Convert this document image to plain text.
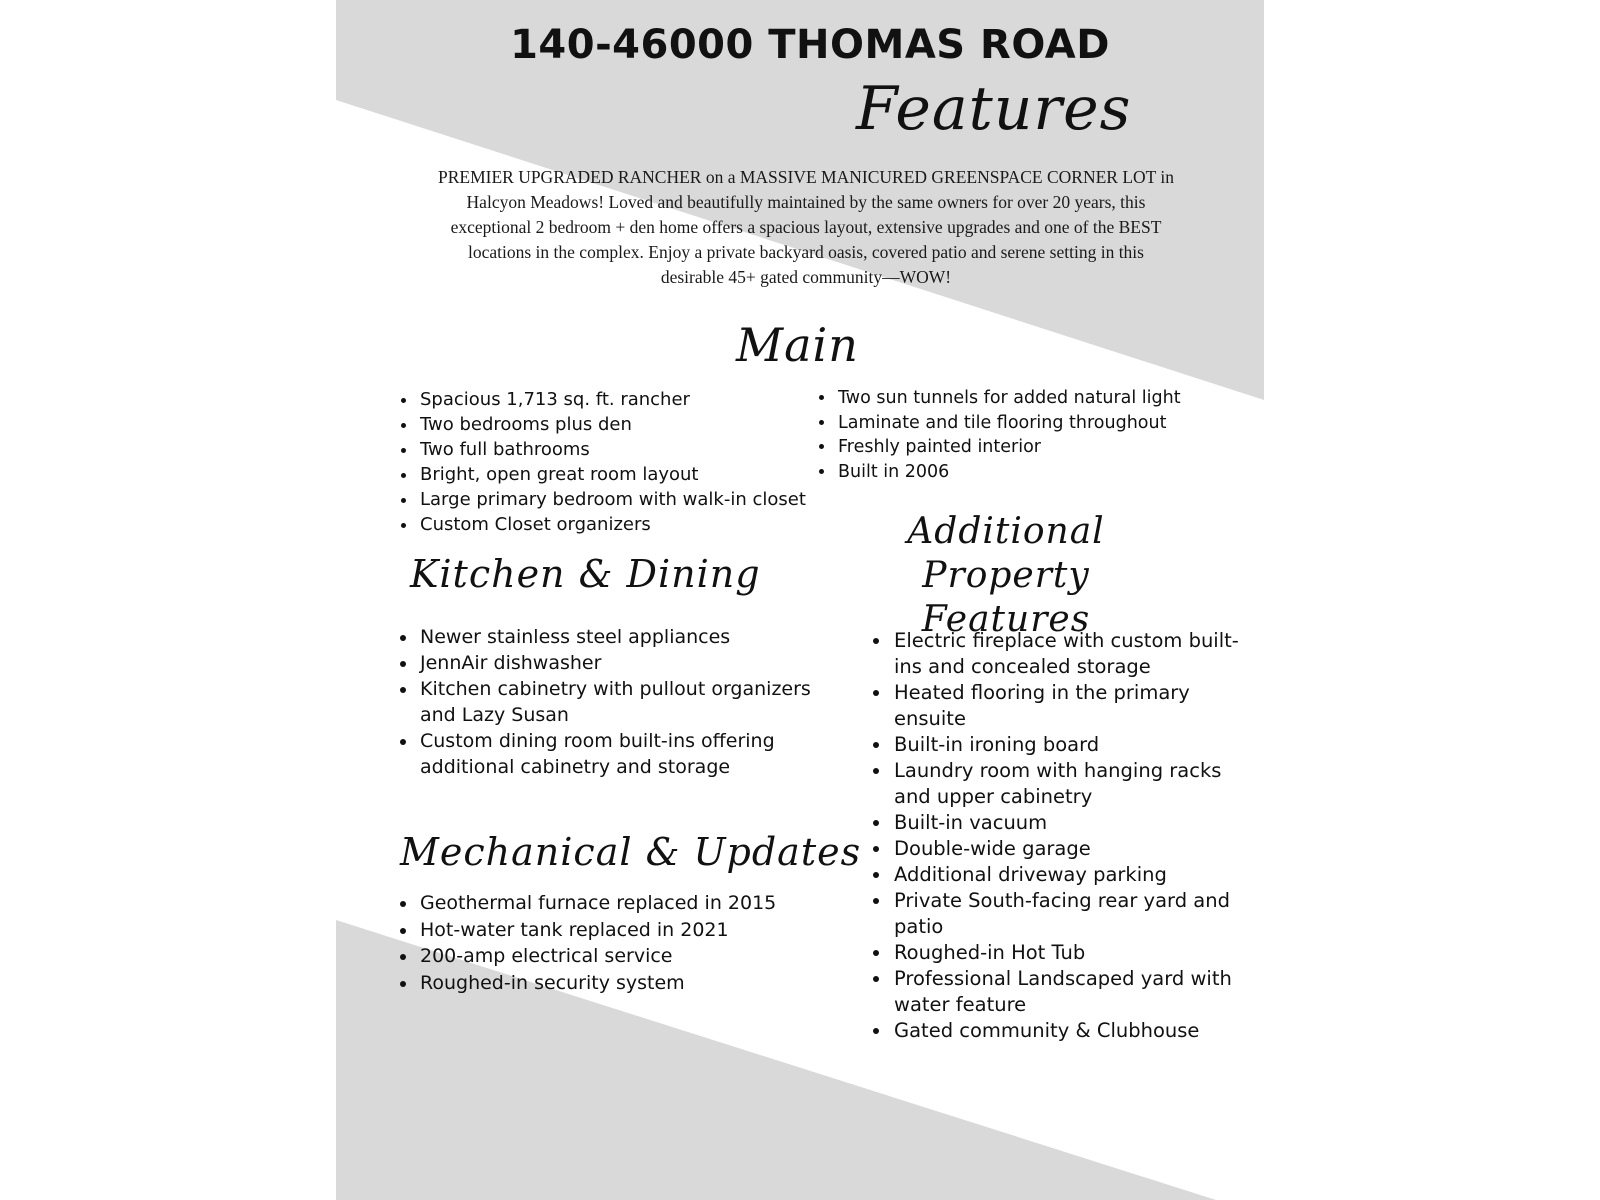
140-46000 THOMAS ROAD
Features

PREMIER UPGRADED RANCHER on a MASSIVE MANICURED GREENSPACE CORNER LOT in Halcyon Meadows! Loved and beautifully maintained by the same owners for over 20 years, this exceptional 2 bedroom + den home offers a spacious layout, extensive upgrades and one of the BEST locations in the complex. Enjoy a private backyard oasis, covered patio and serene setting in this desirable 45+ gated community—WOW!

Main
• Spacious 1,713 sq. ft. rancher
• Two bedrooms plus den
• Two full bathrooms
• Bright, open great room layout
• Large primary bedroom with walk-in closet
• Custom Closet organizers
• Two sun tunnels for added natural light
• Laminate and tile flooring throughout
• Freshly painted interior
• Built in 2006
Kitchen & Dining
• Newer stainless steel appliances
• JennAir dishwasher
• Kitchen cabinetry with pullout organizers and Lazy Susan
• Custom dining room built-ins offering additional cabinetry and storage
Additional Property Features
• Electric fireplace with custom built-ins and concealed storage
• Heated flooring in the primary ensuite
• Built-in ironing board
• Laundry room with hanging racks and upper cabinetry
• Built-in vacuum
• Double-wide garage
• Additional driveway parking
• Private South-facing rear yard and patio
• Roughed-in Hot Tub
• Professional Landscaped yard with water feature
• Gated community & Clubhouse
Mechanical & Updates
• Geothermal furnace replaced in 2015
• Hot-water tank replaced in 2021
• 200-amp electrical service
• Roughed-in security system
